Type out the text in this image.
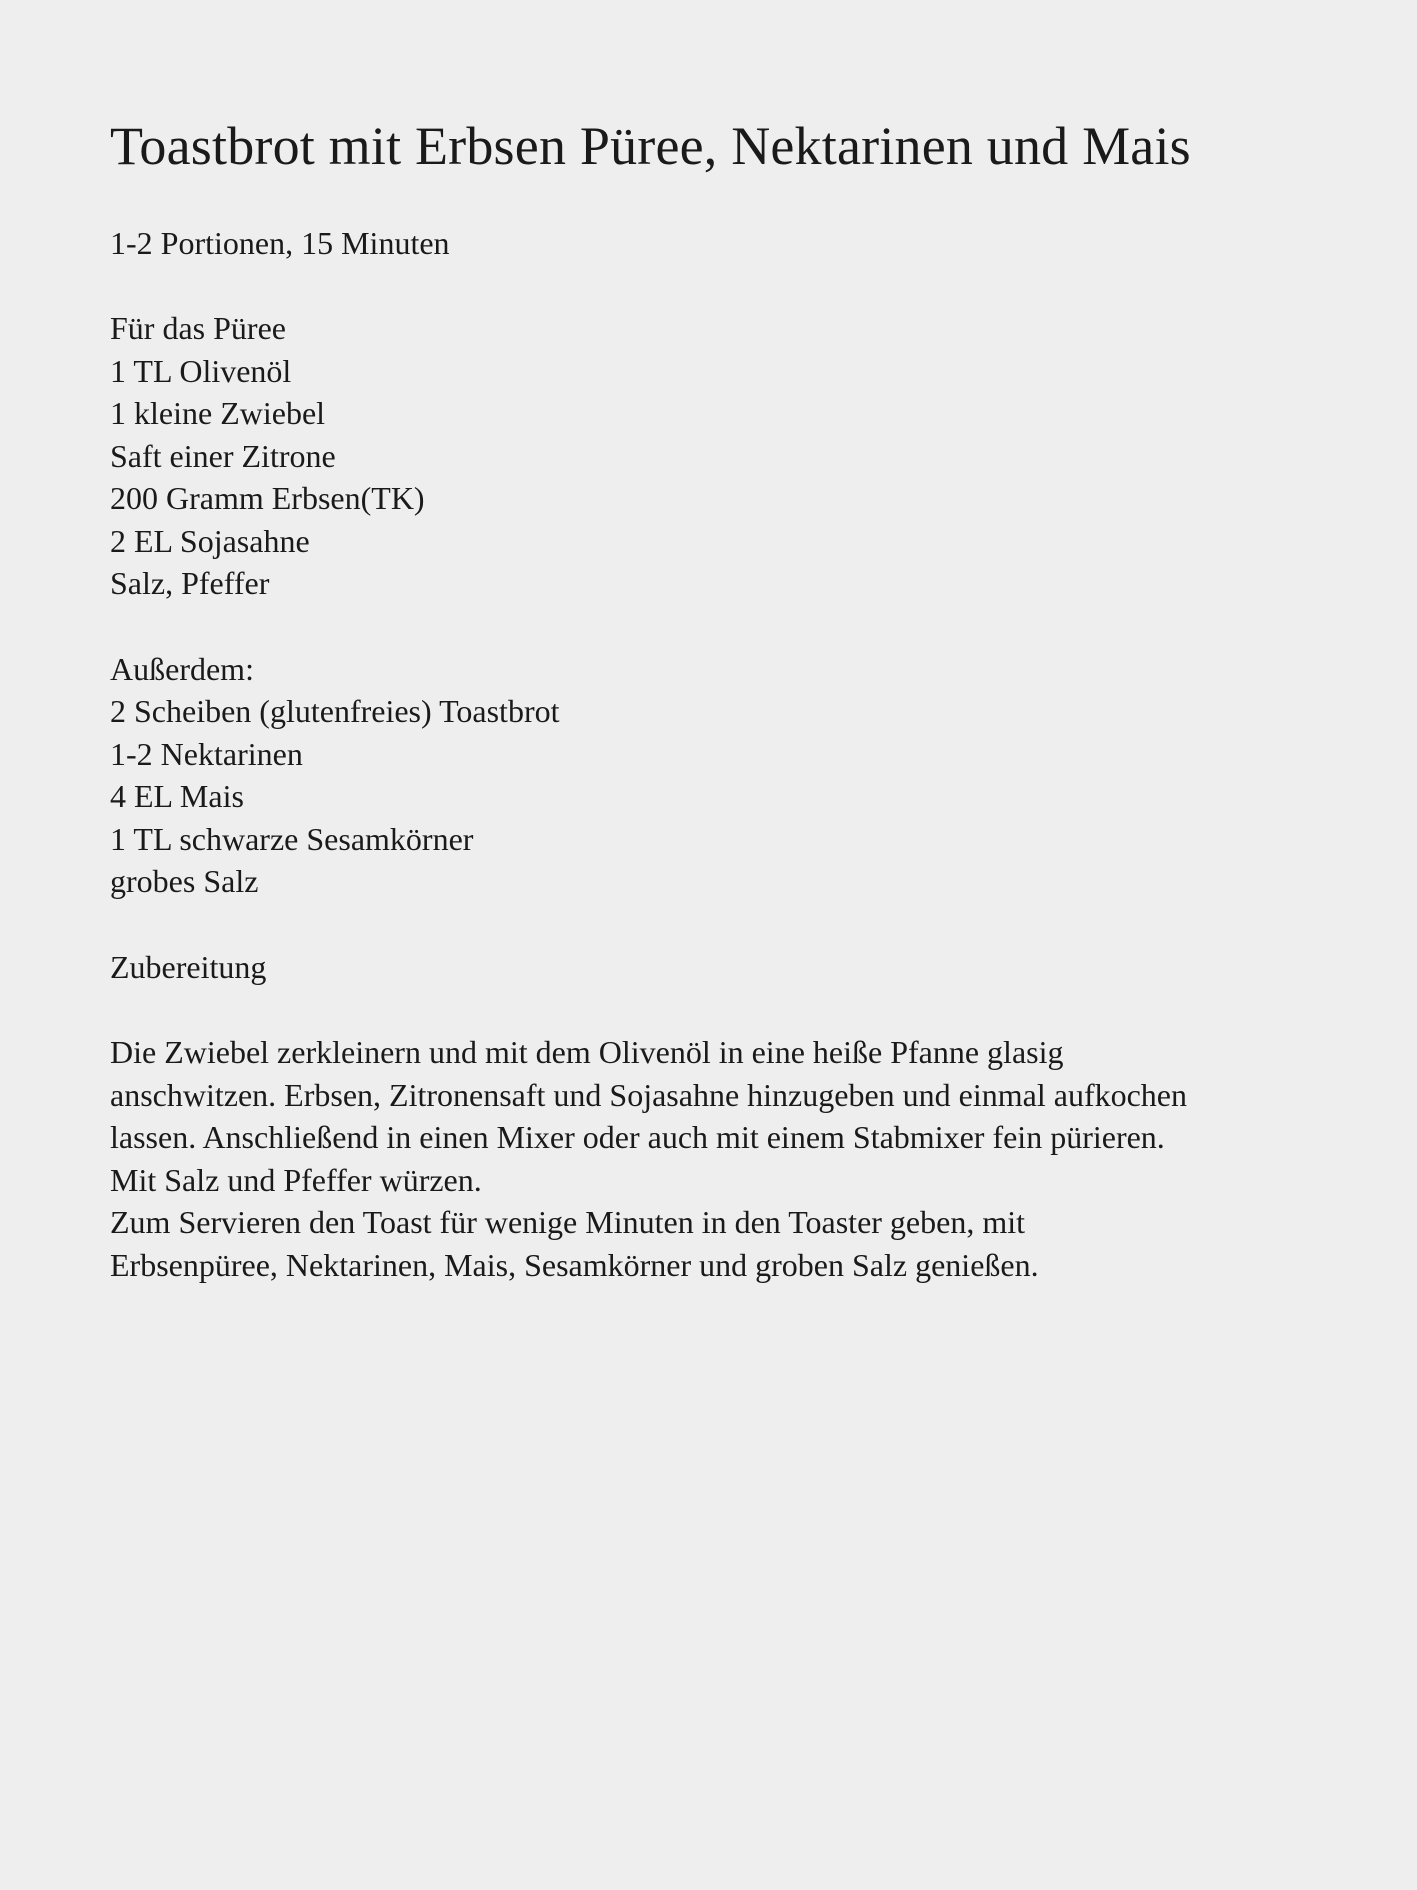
Toastbrot mit Erbsen Püree, Nektarinen und Mais
1-2 Portionen, 15 Minuten
Für das Püree
1 TL Olivenöl
1 kleine Zwiebel
Saft einer Zitrone
200 Gramm Erbsen(TK)
2 EL Sojasahne
Salz, Pfeffer
Außerdem:
2 Scheiben (glutenfreies) Toastbrot
1-2 Nektarinen
4 EL Mais
1 TL schwarze Sesamkörner
grobes Salz
Zubereitung
Die Zwiebel zerkleinern und mit dem Olivenöl in eine heiße Pfanne glasig
anschwitzen. Erbsen, Zitronensaft und Sojasahne hinzugeben und einmal aufkochen
lassen. Anschließend in einen Mixer oder auch mit einem Stabmixer fein pürieren.
Mit Salz und Pfeffer würzen.
Zum Servieren den Toast für wenige Minuten in den Toaster geben, mit
Erbsenpüree, Nektarinen, Mais, Sesamkörner und groben Salz genießen.
